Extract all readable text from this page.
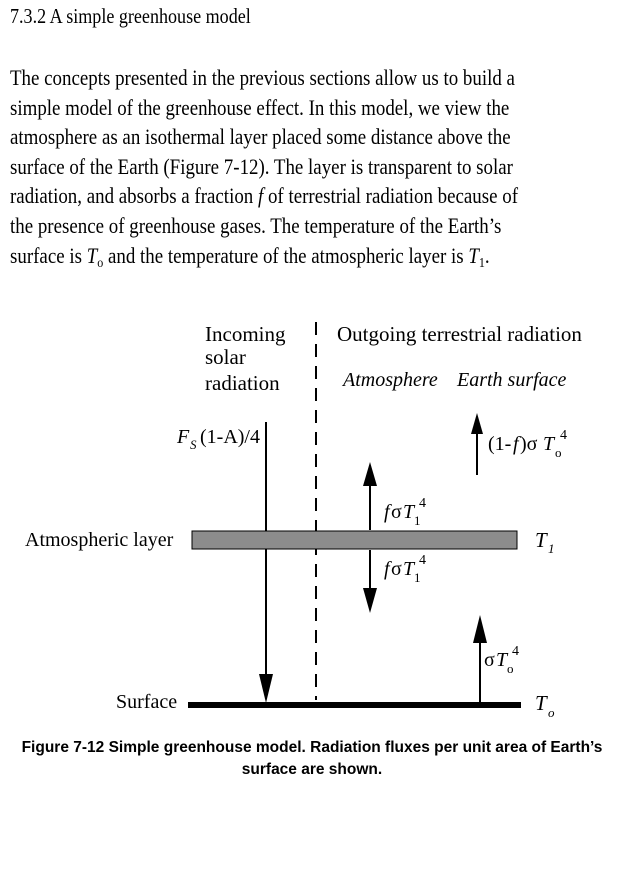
7.3.2 A simple greenhouse model

The concepts presented in the previous sections allow us to build a
simple model of the greenhouse effect. In this model, we view the
atmosphere as an isothermal layer placed some distance above the
surface of the Earth (Figure 7-12). The layer is transparent to solar
radiation, and absorbs a fraction f of terrestrial radiation because of
the presence of greenhouse gases. The temperature of the Earth’s
surface is $T_o$ and the temperature of the atmospheric layer is $T_1$.

Incoming
solar
radiation
Outgoing terrestrial radiation
Atmosphere Earth surface
F S (1-A)/4
Atmospheric layer	T 1
f σ T 1
4
f σ T 1
4
(1- f )σ T o
4
σ T o
4
Surface	T o
Figure 7-12 Simple greenhouse model. Radiation fluxes per unit area of Earth’s
surface are shown.
